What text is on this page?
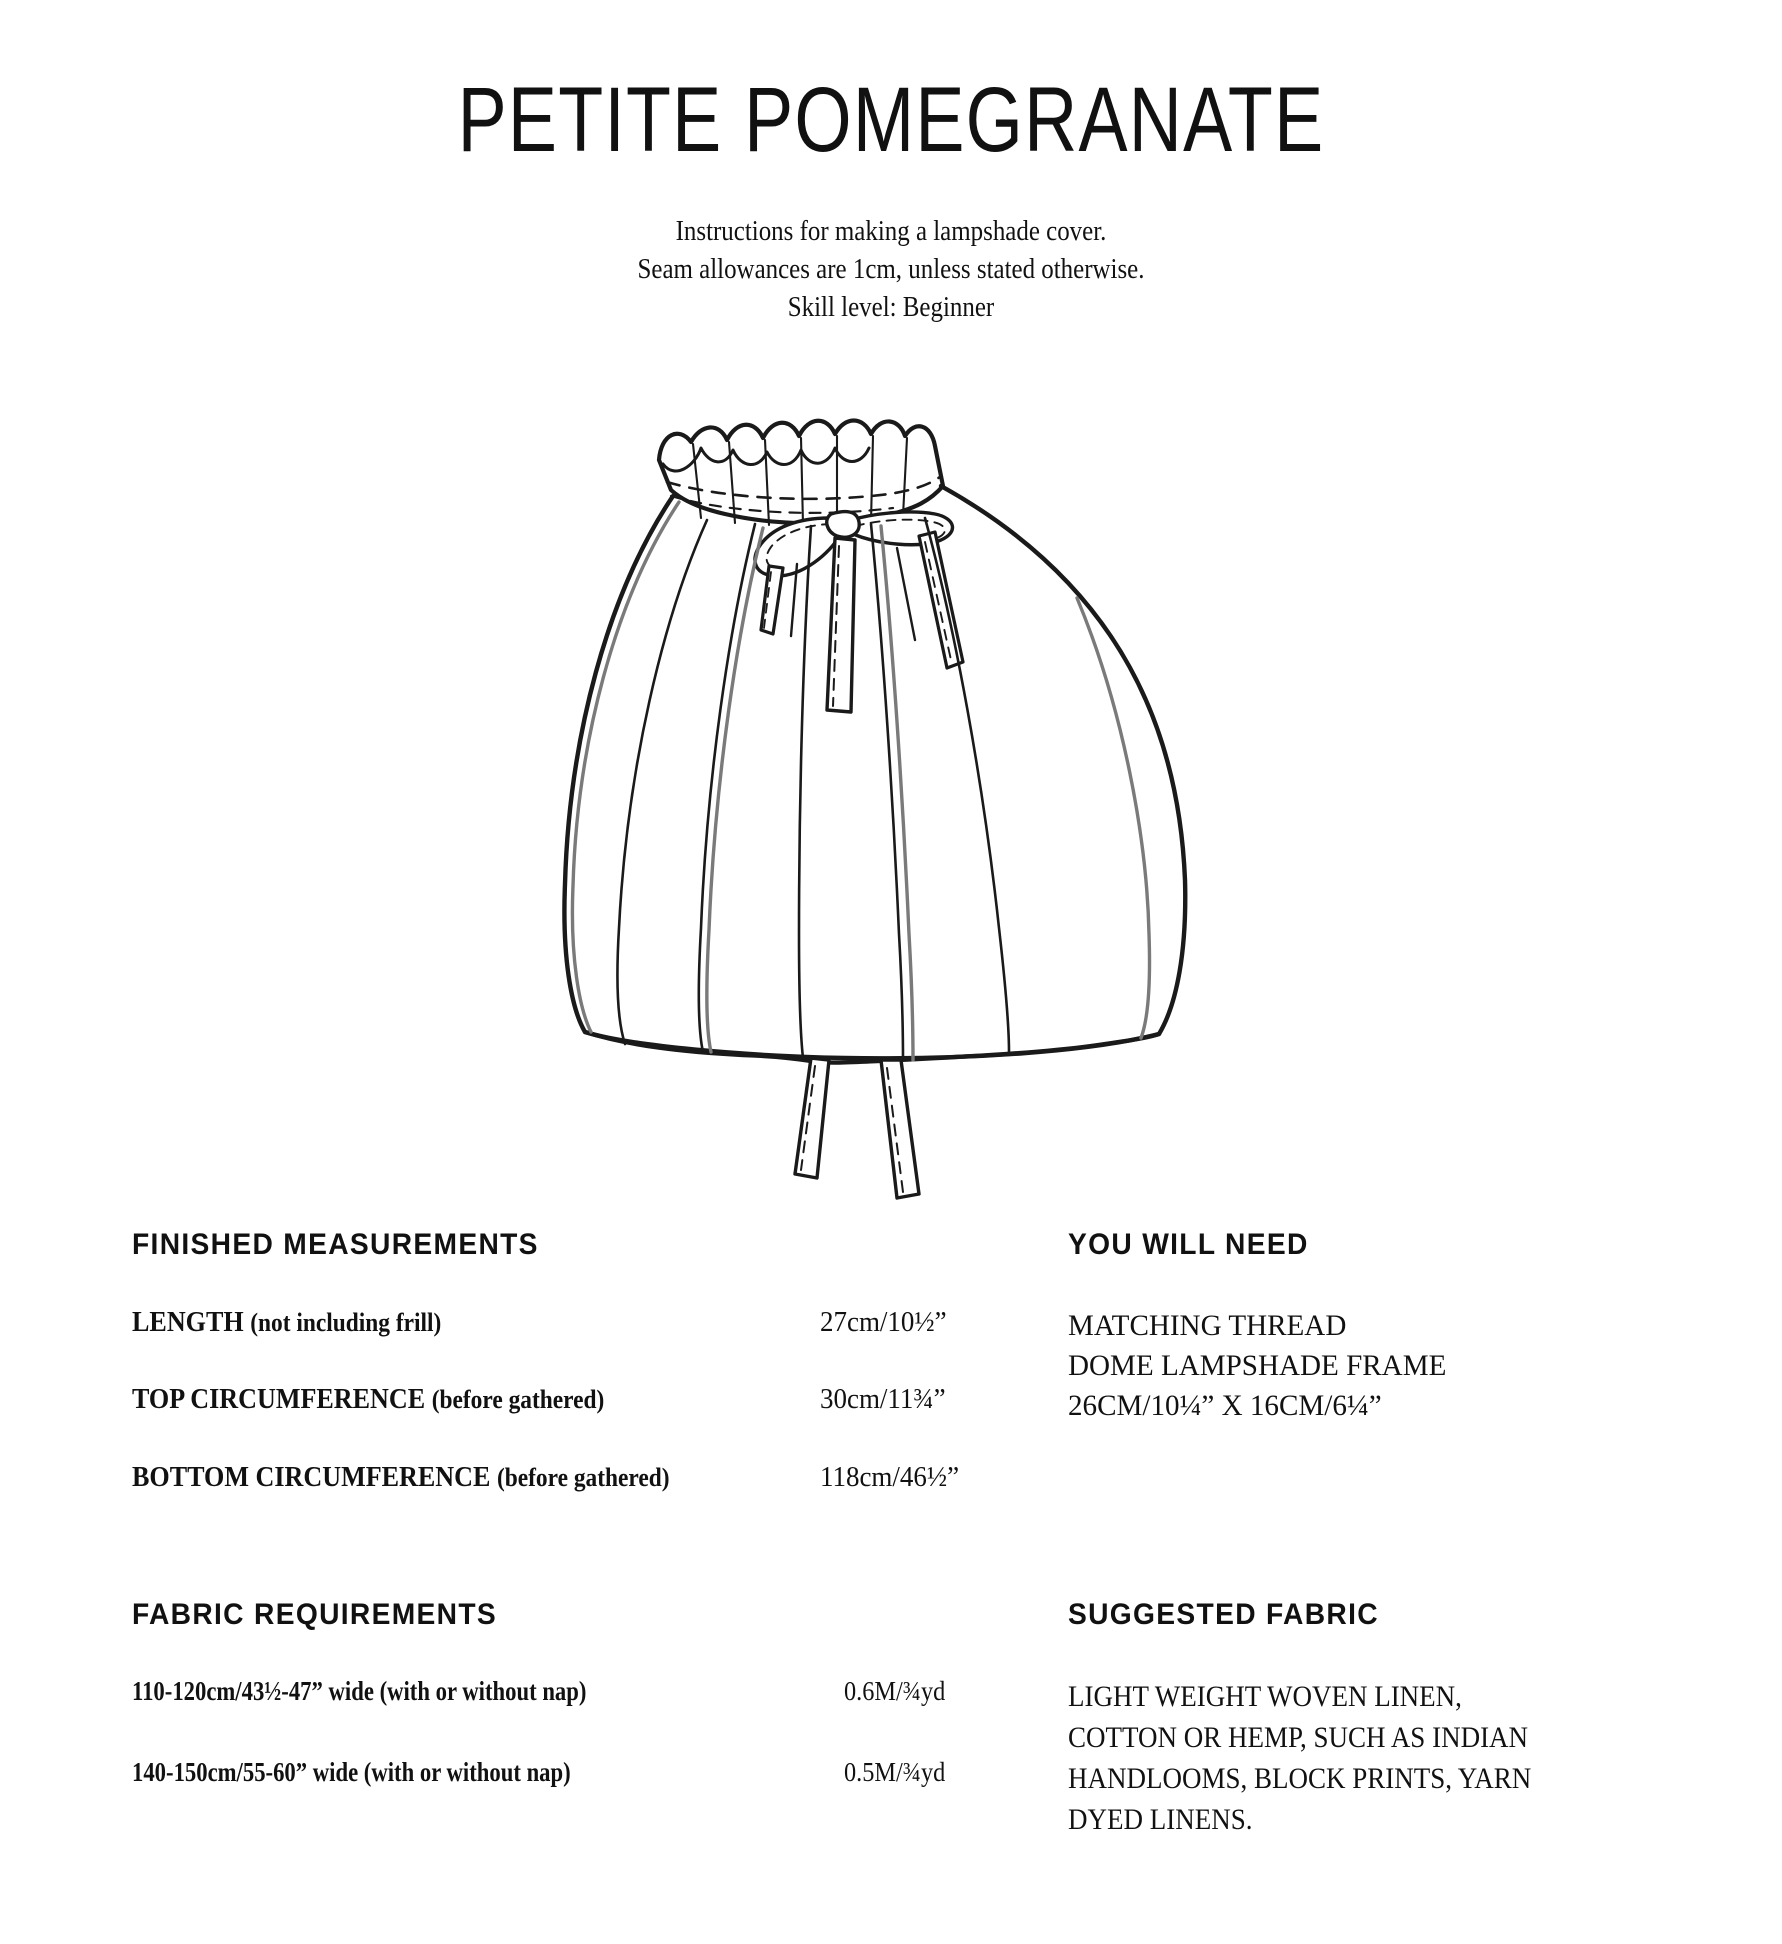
PETITE POMEGRANATE
Instructions for making a lampshade cover.
Seam allowances are 1cm, unless stated otherwise.
Skill level: Beginner
FINISHED MEASUREMENTS
LENGTH (not including frill)	27cm/10½”
TOP CIRCUMFERENCE (before gathered)	30cm/11¾”
BOTTOM CIRCUMFERENCE (before gathered)	118cm/46½”
YOU WILL NEED
MATCHING THREAD
DOME LAMPSHADE FRAME
26CM/10¼” X 16CM/6¼”
FABRIC REQUIREMENTS
110-120cm/43½-47” wide (with or without nap)	0.6M/¾yd
140-150cm/55-60” wide (with or without nap)	0.5M/¾yd
SUGGESTED FABRIC
LIGHT WEIGHT WOVEN LINEN,
COTTON OR HEMP, SUCH AS INDIAN
HANDLOOMS, BLOCK PRINTS, YARN
DYED LINENS.
